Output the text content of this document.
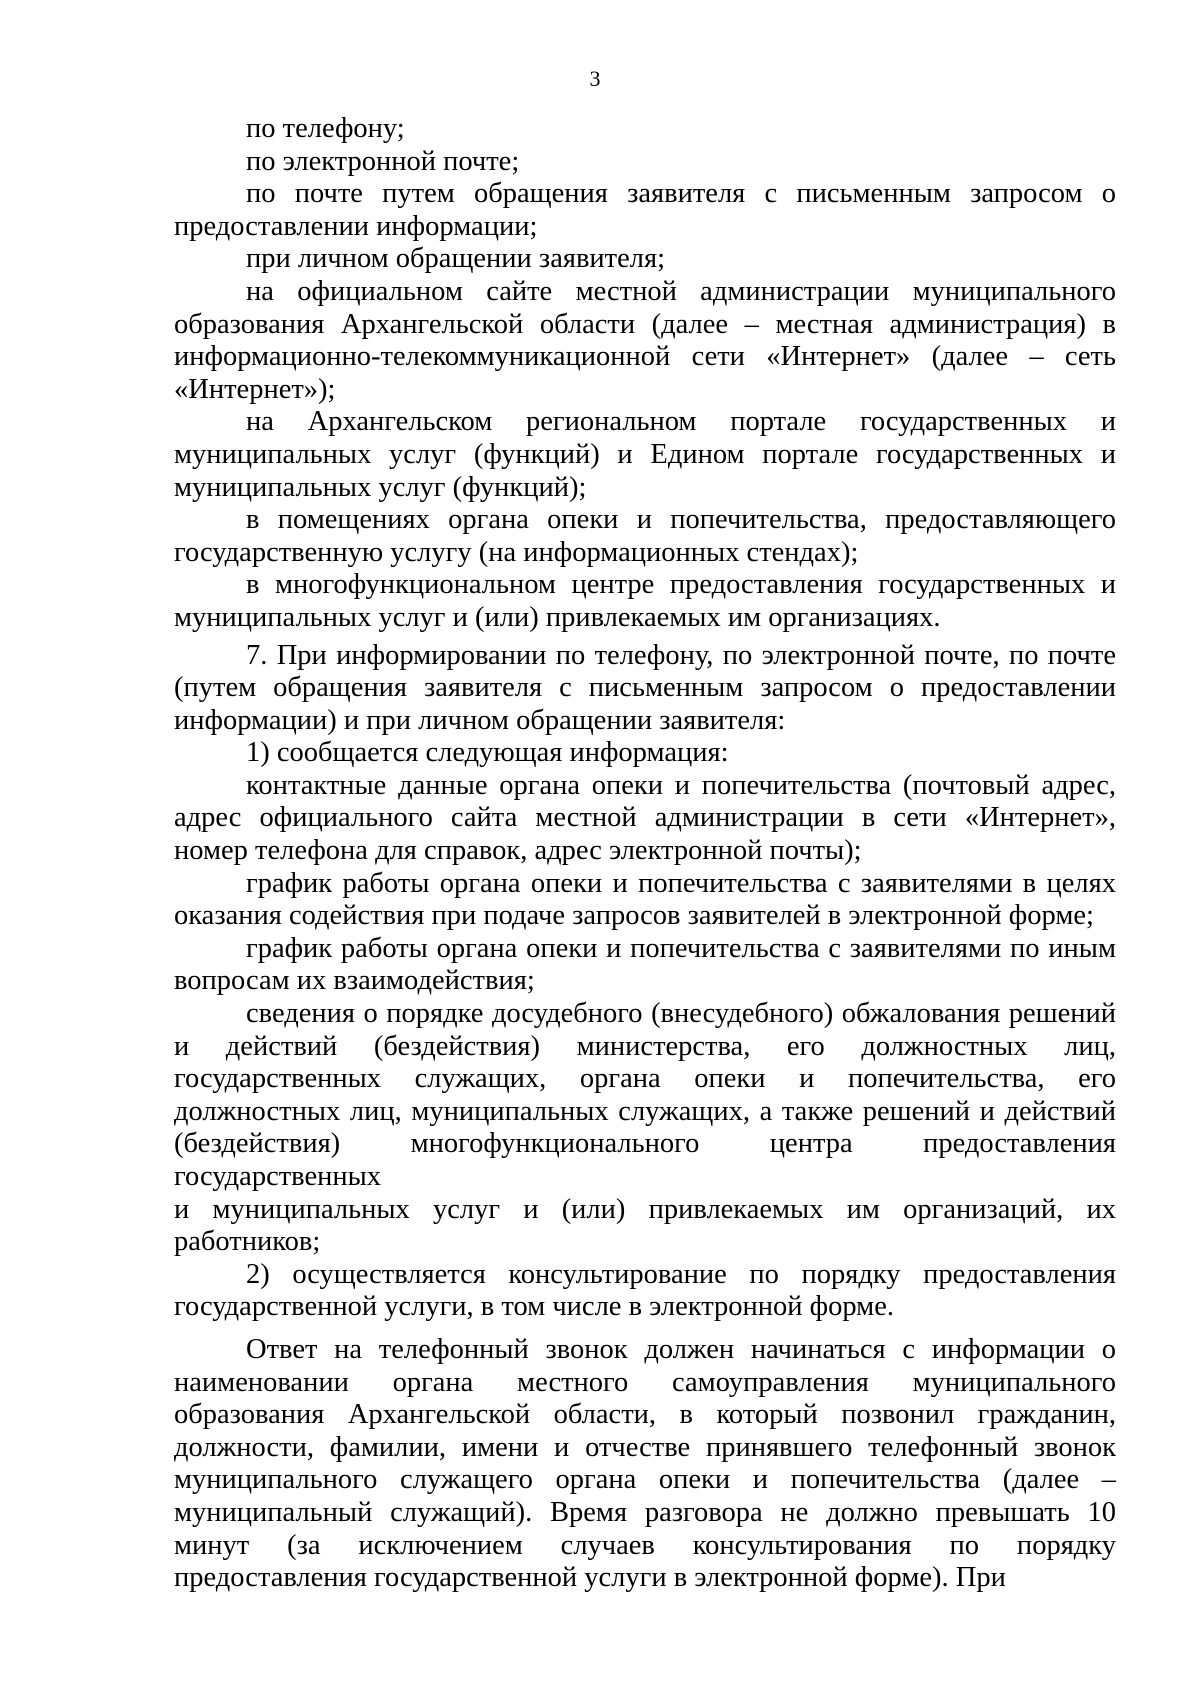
3

по телефону;

по электронной почте;

по почте путем обращения заявителя с письменным запросом о предоставлении информации;

при личном обращении заявителя;

на официальном сайте местной администрации муниципального образования Архангельской области (далее – местная администрация) в информационно-телекоммуникационной сети «Интернет» (далее – сеть «Интернет»);

на Архангельском региональном портале государственных и муниципальных услуг (функций) и Едином портале государственных и муниципальных услуг (функций);

в помещениях органа опеки и попечительства, предоставляющего государственную услугу (на информационных стендах);

в многофункциональном центре предоставления государственных и муниципальных услуг и (или) привлекаемых им организациях.

7. При информировании по телефону, по электронной почте, по почте (путем обращения заявителя с письменным запросом о предоставлении информации) и при личном обращении заявителя:

1) сообщается следующая информация:

контактные данные органа опеки и попечительства (почтовый адрес, адрес официального сайта местной администрации в сети «Интернет», номер телефона для справок, адрес электронной почты);

график работы органа опеки и попечительства с заявителями в целях оказания содействия при подаче запросов заявителей в электронной форме;

график работы органа опеки и попечительства с заявителями по иным вопросам их взаимодействия;

сведения о порядке досудебного (внесудебного) обжалования решений и действий (бездействия) министерства, его должностных лиц, государственных служащих, органа опеки и попечительства, его должностных лиц, муниципальных служащих, а также решений и действий (бездействия) многофункционального центра предоставления государственных

и муниципальных услуг и (или) привлекаемых им организаций, их работников;

2) осуществляется консультирование по порядку предоставления государственной услуги, в том числе в электронной форме.

Ответ на телефонный звонок должен начинаться с информации о наименовании органа местного самоуправления муниципального образования Архангельской области, в который позвонил гражданин, должности, фамилии, имени и отчестве принявшего телефонный звонок муниципального служащего органа опеки и попечительства (далее – муниципальный служащий). Время разговора не должно превышать 10 минут (за исключением случаев консультирования по порядку предоставления государственной услуги в электронной форме). При
